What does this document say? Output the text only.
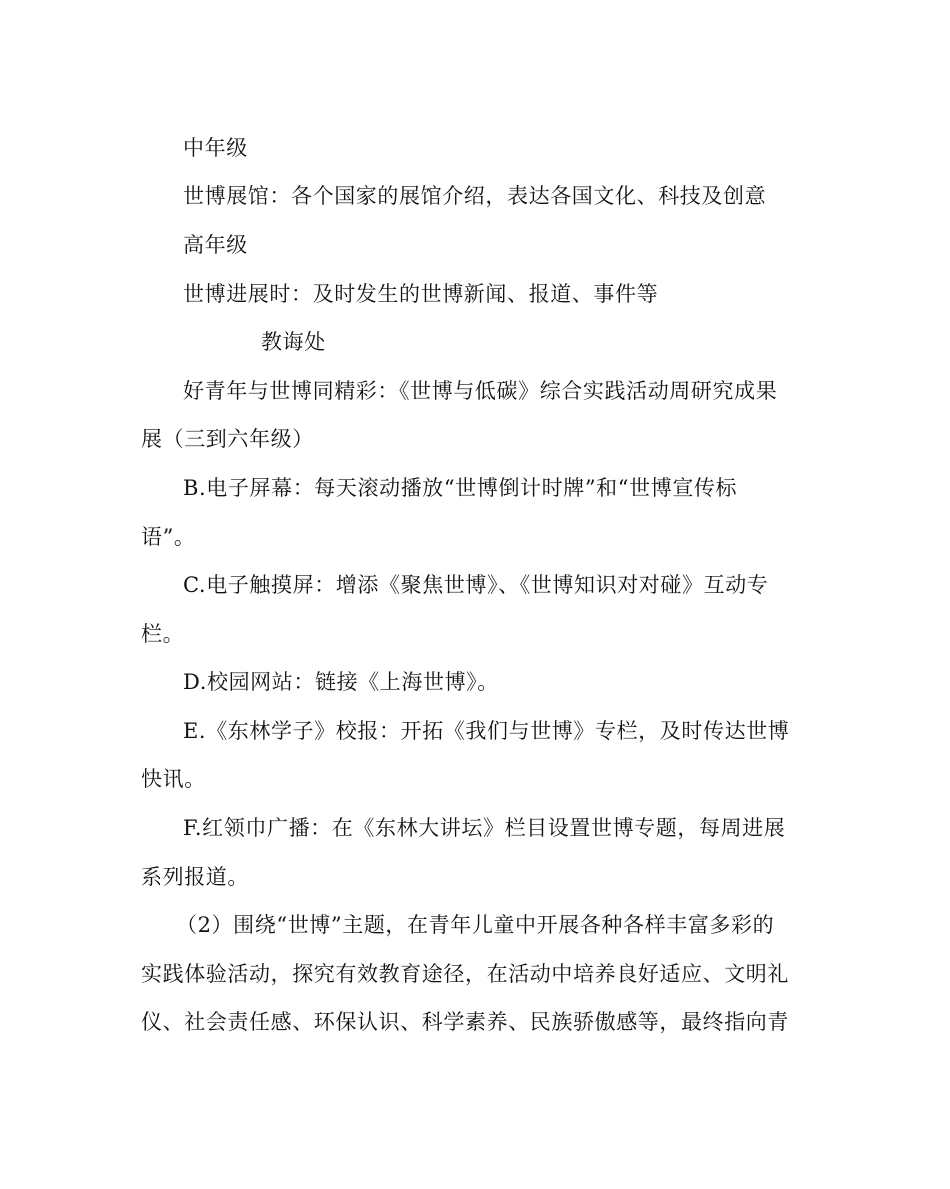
中年级
世博展馆：各个国家的展馆介绍，表达各国文化、科技及创意
高年级
世博进展时：及时发生的世博新闻、报道、事件等
教诲处
好青年与世博同精彩：《世博与低碳》综合实践活动周研究成果
展（三到六年级）
B.电子屏幕：每天滚动播放“世博倒计时牌”和“世博宣传标
语”。
C.电子触摸屏：增添《聚焦世博》、《世博知识对对碰》互动专
栏。
D.校园网站：链接《上海世博》。
E.《东林学子》校报：开拓《我们与世博》专栏，及时传达世博
快讯。
F.红领巾广播：在《东林大讲坛》栏目设置世博专题，每周进展
系列报道。
（2）围绕“世博”主题，在青年儿童中开展各种各样丰富多彩的
实践体验活动，探究有效教育途径，在活动中培养良好适应、文明礼
仪、社会责任感、环保认识、科学素养、民族骄傲感等，最终指向青
